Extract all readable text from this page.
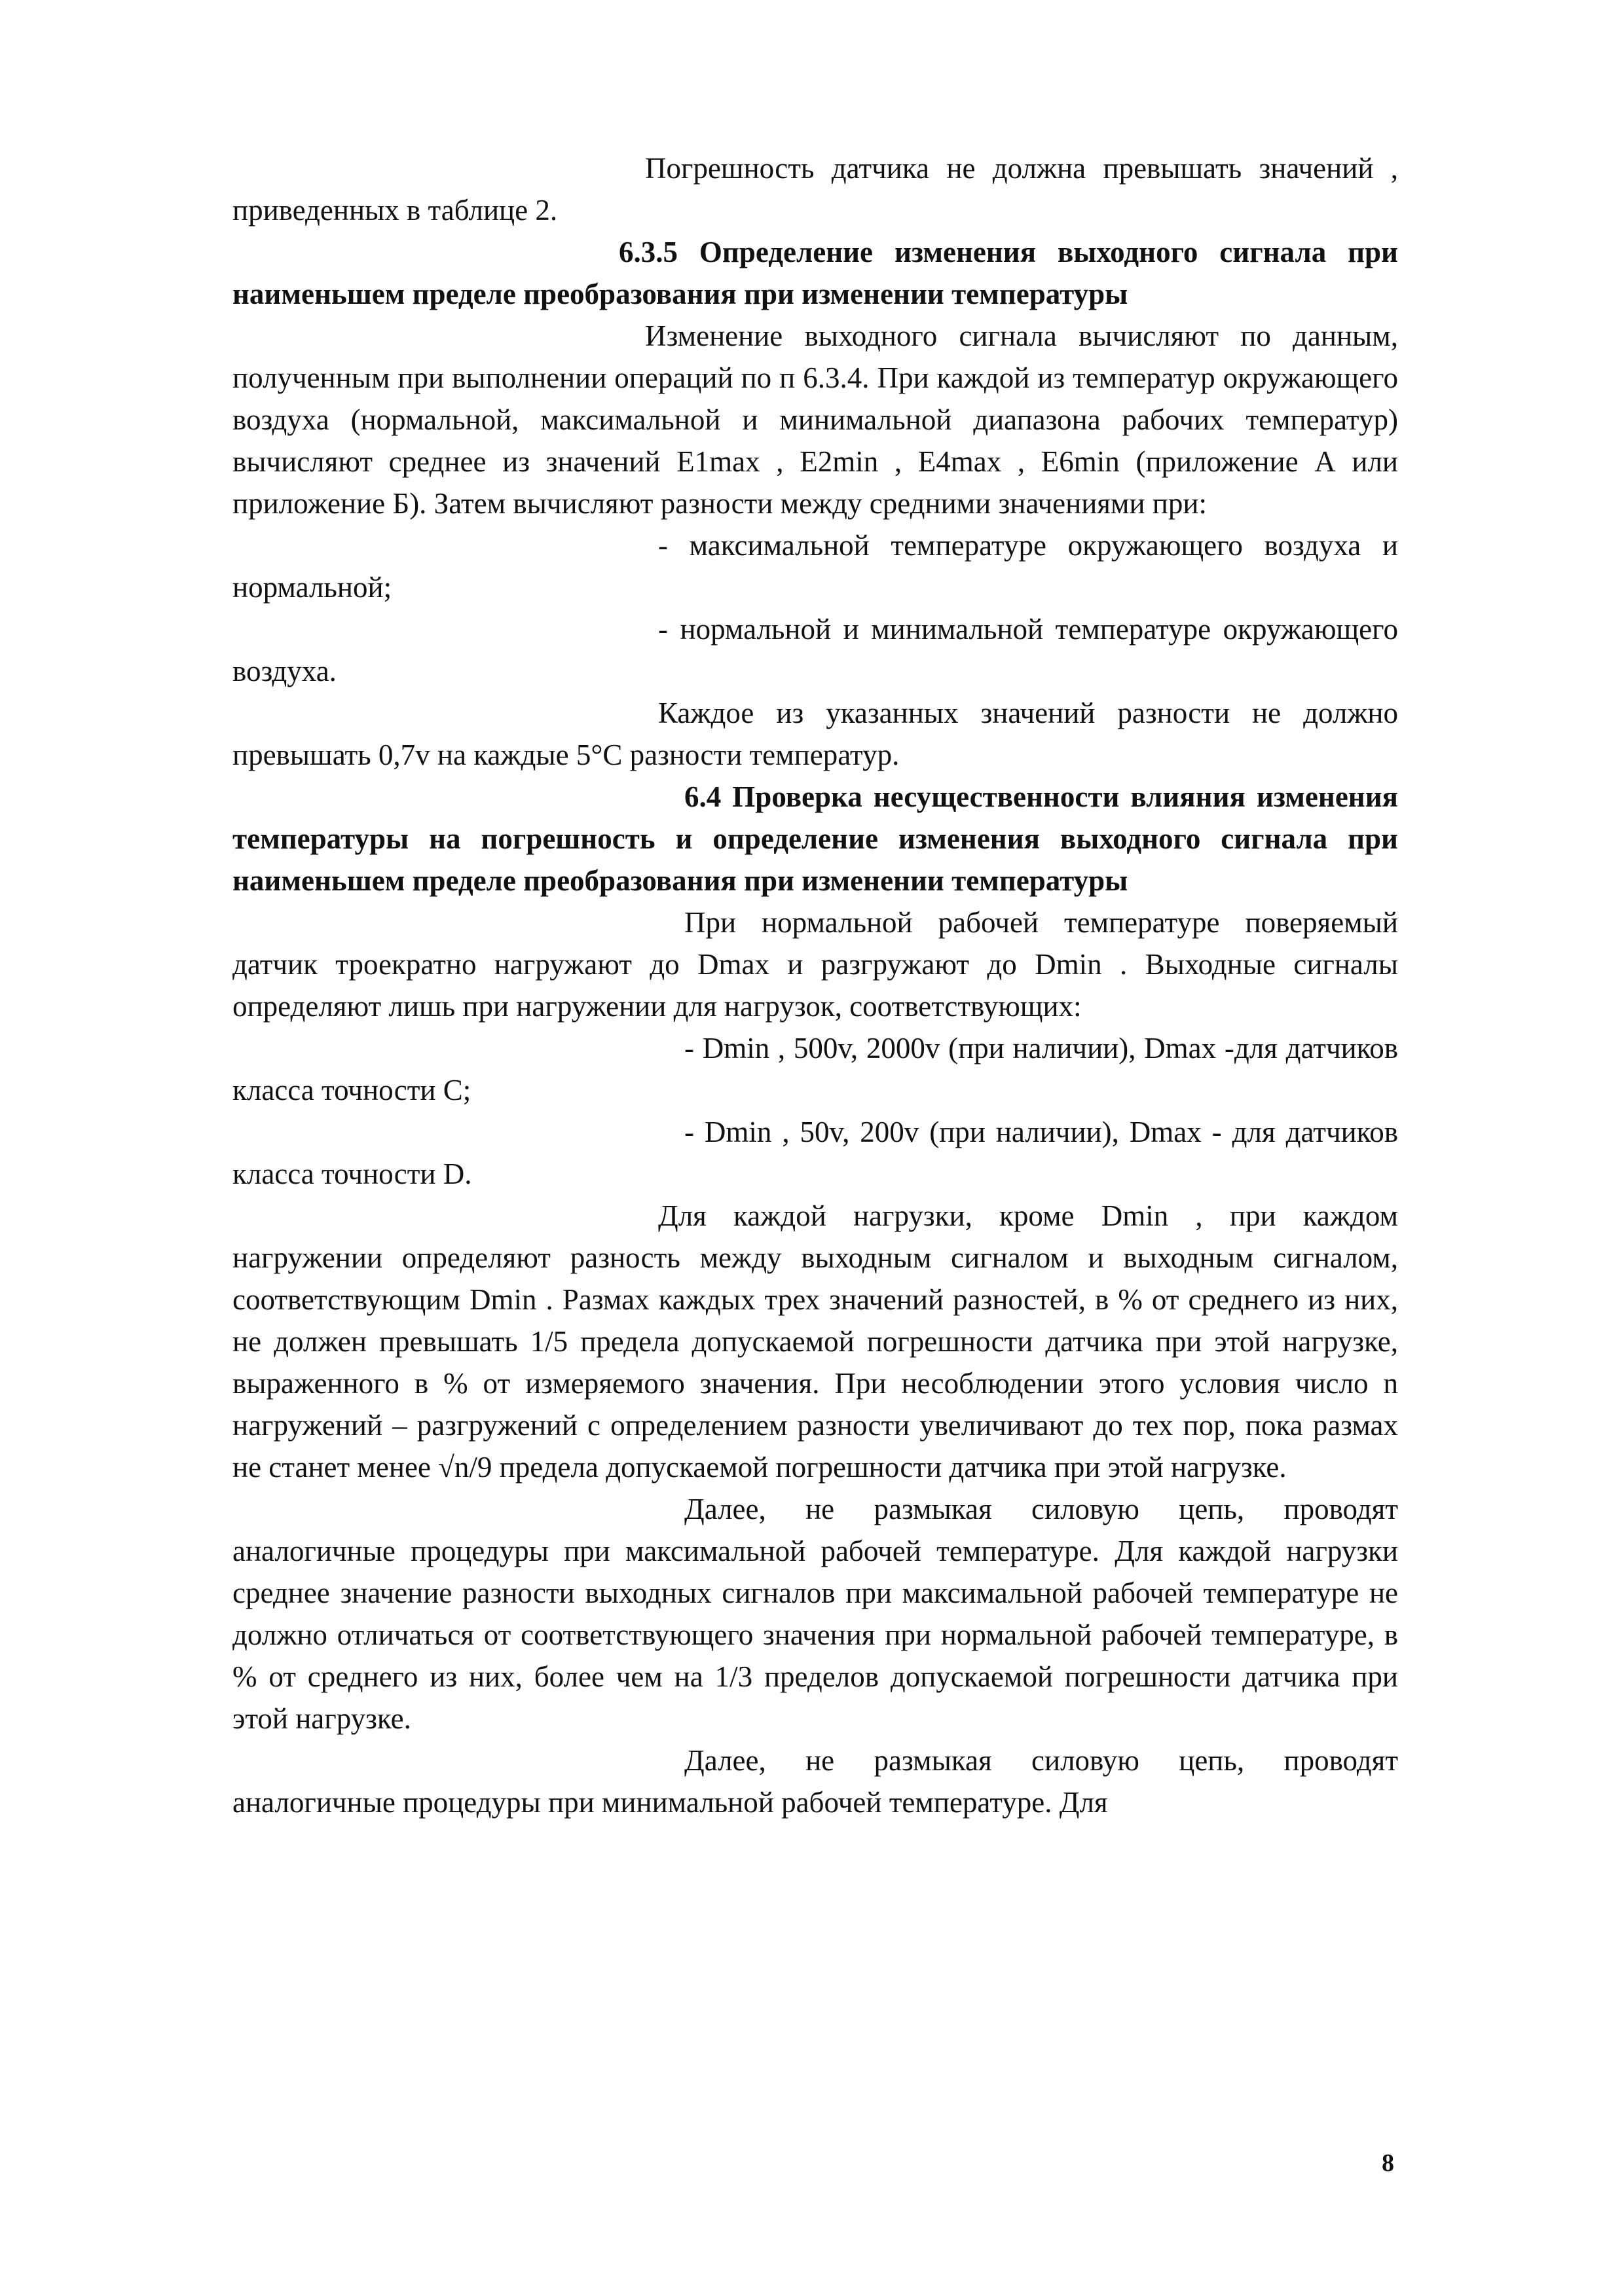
Погрешность датчика не должна превышать значений , приведенных в таблице 2.

6.3.5 Определение изменения выходного сигнала при наименьшем пределе преобразования при изменении температуры

Изменение выходного сигнала вычисляют по данным, полученным при выполнении операций по п 6.3.4. При каждой из температур окружающего воздуха (нормальной, максимальной и минимальной диапазона рабочих температур) вычисляют среднее из значений E1max , E2min , E4max , E6min (приложение А или приложение Б). Затем вычисляют разности между средними значениями при:

- максимальной температуре окружающего воздуха и нормальной;

- нормальной и минимальной температуре окружающего воздуха.

Каждое из указанных значений разности не должно превышать 0,7v на каждые 5°С разности температур.

6.4 Проверка несущественности влияния изменения температуры на погрешность и определение изменения выходного сигнала при наименьшем пределе преобразования при изменении температуры

При нормальной рабочей температуре поверяемый датчик троекратно нагружают до Dmax и разгружают до Dmin . Выходные сигналы определяют лишь при нагружении для нагрузок, соответствующих:

- Dmin , 500v, 2000v (при наличии), Dmax -для датчиков класса точности С;

- Dmin , 50v, 200v (при наличии), Dmax - для датчиков класса точности D.

Для каждой нагрузки, кроме Dmin , при каждом нагружении определяют разность между выходным сигналом и выходным сигналом, соответствующим Dmin . Размах каждых трех значений разностей, в % от среднего из них, не должен превышать 1/5 предела допускаемой погрешности датчика при этой нагрузке, выраженного в % от измеряемого значения. При несоблюдении этого условия число n нагружений – разгружений с определением разности увеличивают до тех пор, пока размах не станет менее √n/9 предела допускаемой погрешности датчика при этой нагрузке.

Далее, не размыкая силовую цепь, проводят аналогичные процедуры при максимальной рабочей температуре. Для каждой нагрузки среднее значение разности выходных сигналов при максимальной рабочей температуре не должно отличаться от соответствующего значения при нормальной рабочей температуре, в % от среднего из них, более чем на 1/3 пределов допускаемой погрешности датчика при этой нагрузке.

Далее, не размыкая силовую цепь, проводят аналогичные процедуры при минимальной рабочей температуре. Для

8
